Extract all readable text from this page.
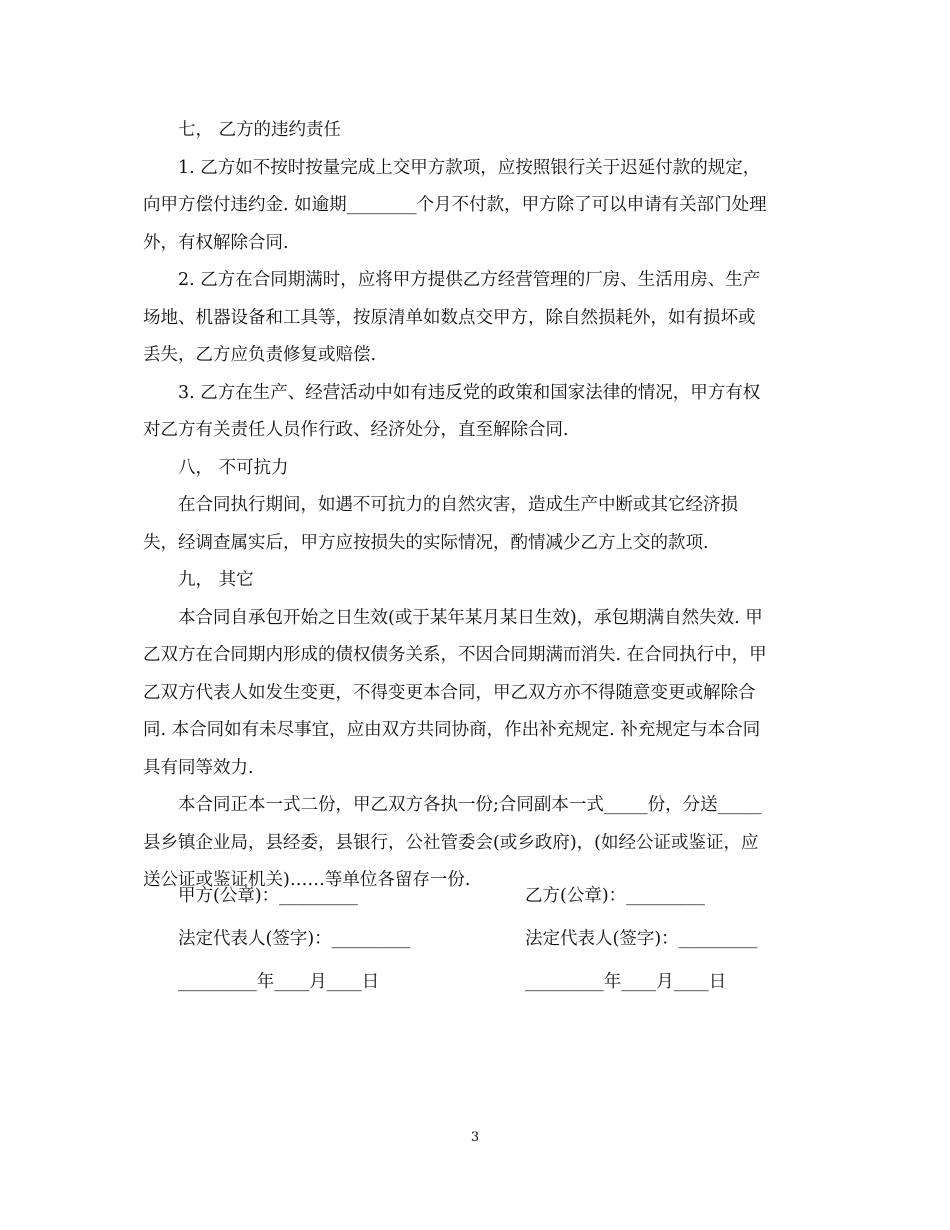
七， 乙方的违约责任
1. 乙方如不按时按量完成上交甲方款项，应按照银行关于迟延付款的规定，
向甲方偿付违约金. 如逾期________个月不付款，甲方除了可以申请有关部门处理
外，有权解除合同.
2. 乙方在合同期满时，应将甲方提供乙方经营管理的厂房、生活用房、生产
场地、机器设备和工具等，按原清单如数点交甲方，除自然损耗外，如有损坏或
丢失，乙方应负责修复或赔偿.
3. 乙方在生产、经营活动中如有违反党的政策和国家法律的情况，甲方有权
对乙方有关责任人员作行政、经济处分，直至解除合同.
八， 不可抗力
在合同执行期间，如遇不可抗力的自然灾害，造成生产中断或其它经济损
失，经调查属实后，甲方应按损失的实际情况，酌情减少乙方上交的款项.
九， 其它
本合同自承包开始之日生效(或于某年某月某日生效)，承包期满自然失效. 甲
乙双方在合同期内形成的债权债务关系，不因合同期满而消失. 在合同执行中，甲
乙双方代表人如发生变更，不得变更本合同，甲乙双方亦不得随意变更或解除合
同. 本合同如有未尽事宜，应由双方共同协商，作出补充规定. 补充规定与本合同
具有同等效力.
本合同正本一式二份，甲乙双方各执一份;合同副本一式_____份，分送_____
县乡镇企业局，县经委，县银行，公社管委会(或乡政府)，(如经公证或鉴证，应
送公证或鉴证机关)……等单位各留存一份.
甲方(公章)：_________	乙方(公章)：_________
法定代表人(签字)：_________	法定代表人(签字)：_________
_________年____月____日	_________年____月____日
3
